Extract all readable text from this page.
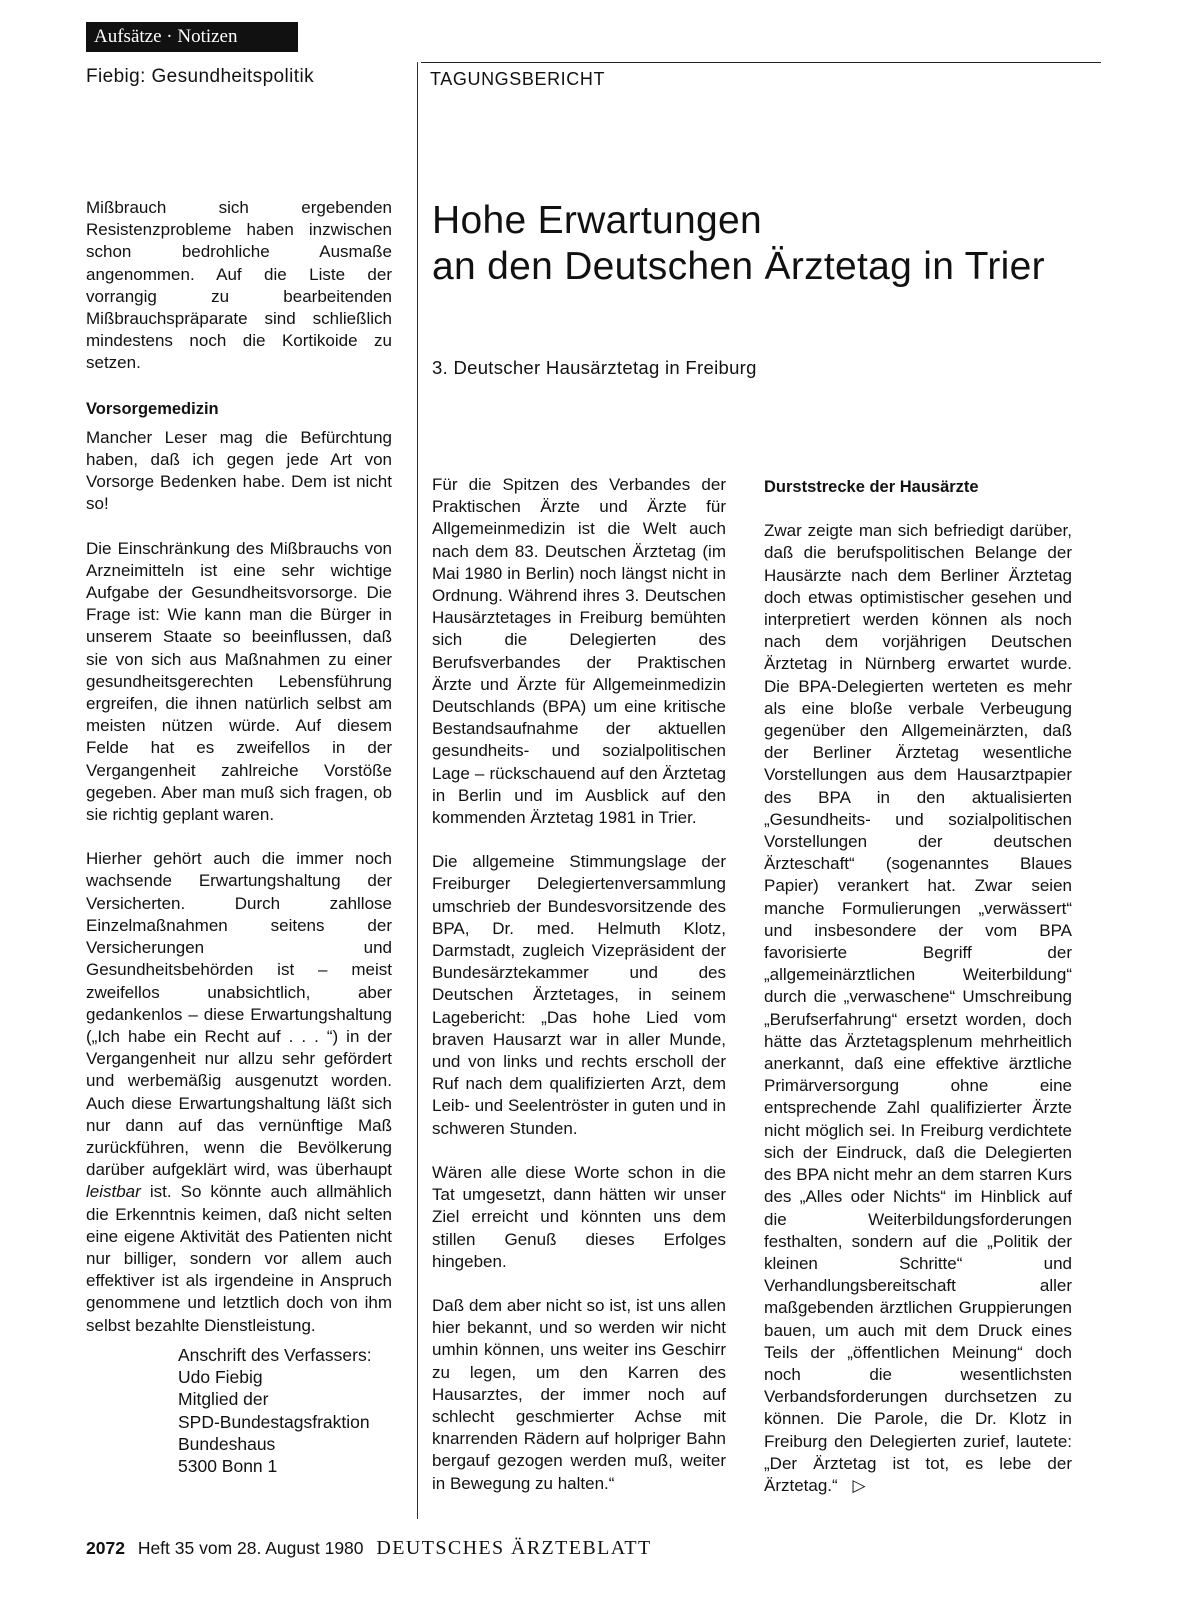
Aufsätze · Notizen
Fiebig: Gesundheitspolitik	TAGUNGSBERICHT
Hohe Erwartungen
an den Deutschen Ärztetag in Trier
3. Deutscher Hausärztetag in Freiburg

Mißbrauch sich ergebenden Resistenzprobleme haben inzwischen schon bedrohliche Ausmaße angenommen. Auf die Liste der vorrangig zu bearbeitenden Mißbrauchspräparate sind schließlich mindestens noch die Kortikoide zu setzen.

Vorsorgemedizin

Mancher Leser mag die Befürchtung haben, daß ich gegen jede Art von Vorsorge Bedenken habe. Dem ist nicht so!

Die Einschränkung des Mißbrauchs von Arzneimitteln ist eine sehr wichtige Aufgabe der Gesundheitsvorsorge. Die Frage ist: Wie kann man die Bürger in unserem Staate so beeinflussen, daß sie von sich aus Maßnahmen zu einer gesundheitsgerechten Lebensführung ergreifen, die ihnen natürlich selbst am meisten nützen würde. Auf diesem Felde hat es zweifellos in der Vergangenheit zahlreiche Vorstöße gegeben. Aber man muß sich fragen, ob sie richtig geplant waren.

Hierher gehört auch die immer noch wachsende Erwartungshaltung der Versicherten. Durch zahllose Einzelmaßnahmen seitens der Versicherungen und Gesundheitsbehörden ist – meist zweifellos unabsichtlich, aber gedankenlos – diese Erwartungshaltung („Ich habe ein Recht auf . . . “) in der Vergangenheit nur allzu sehr gefördert und werbemäßig ausgenutzt worden. Auch diese Erwartungshaltung läßt sich nur dann auf das vernünftige Maß zurückführen, wenn die Bevölkerung darüber aufgeklärt wird, was überhaupt leistbar ist. So könnte auch allmählich die Erkenntnis keimen, daß nicht selten eine eigene Aktivität des Patienten nicht nur billiger, sondern vor allem auch effektiver ist als irgendeine in Anspruch genommene und letztlich doch von ihm selbst bezahlte Dienstleistung.

Anschrift des Verfassers:
Udo Fiebig
Mitglied der
SPD-Bundestagsfraktion
Bundeshaus
5300 Bonn 1

Für die Spitzen des Verbandes der Praktischen Ärzte und Ärzte für Allgemeinmedizin ist die Welt auch nach dem 83. Deutschen Ärztetag (im Mai 1980 in Berlin) noch längst nicht in Ordnung. Während ihres 3. Deutschen Hausärztetages in Freiburg bemühten sich die Delegierten des Berufsverbandes der Praktischen Ärzte und Ärzte für Allgemeinmedizin Deutschlands (BPA) um eine kritische Bestandsaufnahme der aktuellen gesundheits- und sozialpolitischen Lage – rückschauend auf den Ärztetag in Berlin und im Ausblick auf den kommenden Ärztetag 1981 in Trier.

Die allgemeine Stimmungslage der Freiburger Delegiertenversammlung umschrieb der Bundesvorsitzende des BPA, Dr. med. Helmuth Klotz, Darmstadt, zugleich Vizepräsident der Bundesärztekammer und des Deutschen Ärztetages, in seinem Lagebericht: „Das hohe Lied vom braven Hausarzt war in aller Munde, und von links und rechts erscholl der Ruf nach dem qualifizierten Arzt, dem Leib- und Seelentröster in guten und in schweren Stunden.

Wären alle diese Worte schon in die Tat umgesetzt, dann hätten wir unser Ziel erreicht und könnten uns dem stillen Genuß dieses Erfolges hingeben.

Daß dem aber nicht so ist, ist uns allen hier bekannt, und so werden wir nicht umhin können, uns weiter ins Geschirr zu legen, um den Karren des Hausarztes, der immer noch auf schlecht geschmierter Achse mit knarrenden Rädern auf holpriger Bahn bergauf gezogen werden muß, weiter in Bewegung zu halten.“

Durststrecke der Hausärzte

Zwar zeigte man sich befriedigt darüber, daß die berufspolitischen Belange der Hausärzte nach dem Berliner Ärztetag doch etwas optimistischer gesehen und interpretiert werden können als noch nach dem vorjährigen Deutschen Ärztetag in Nürnberg erwartet wurde. Die BPA-Delegierten werteten es mehr als eine bloße verbale Verbeugung gegenüber den Allgemeinärzten, daß der Berliner Ärztetag wesentliche Vorstellungen aus dem Hausarztpapier des BPA in den aktualisierten „Gesundheits- und sozialpolitischen Vorstellungen der deutschen Ärzteschaft“ (sogenanntes Blaues Papier) verankert hat. Zwar seien manche Formulierungen „verwässert“ und insbesondere der vom BPA favorisierte Begriff der „allgemeinärztlichen Weiterbildung“ durch die „verwaschene“ Umschreibung „Berufserfahrung“ ersetzt worden, doch hätte das Ärztetagsplenum mehrheitlich anerkannt, daß eine effektive ärztliche Primärversorgung ohne eine entsprechende Zahl qualifizierter Ärzte nicht möglich sei. In Freiburg verdichtete sich der Eindruck, daß die Delegierten des BPA nicht mehr an dem starren Kurs des „Alles oder Nichts“ im Hinblick auf die Weiterbildungsforderungen festhalten, sondern auf die „Politik der kleinen Schritte“ und Verhandlungsbereitschaft aller maßgebenden ärztlichen Gruppierungen bauen, um auch mit dem Druck eines Teils der „öffentlichen Meinung“ doch noch die wesentlichsten Verbandsforderungen durchsetzen zu können. Die Parole, die Dr. Klotz in Freiburg den Delegierten zurief, lautete: „Der Ärztetag ist tot, es lebe der Ärztetag.“ ▷

2072 Heft 35 vom 28. August 1980 DEUTSCHES ÄRZTEBLATT
